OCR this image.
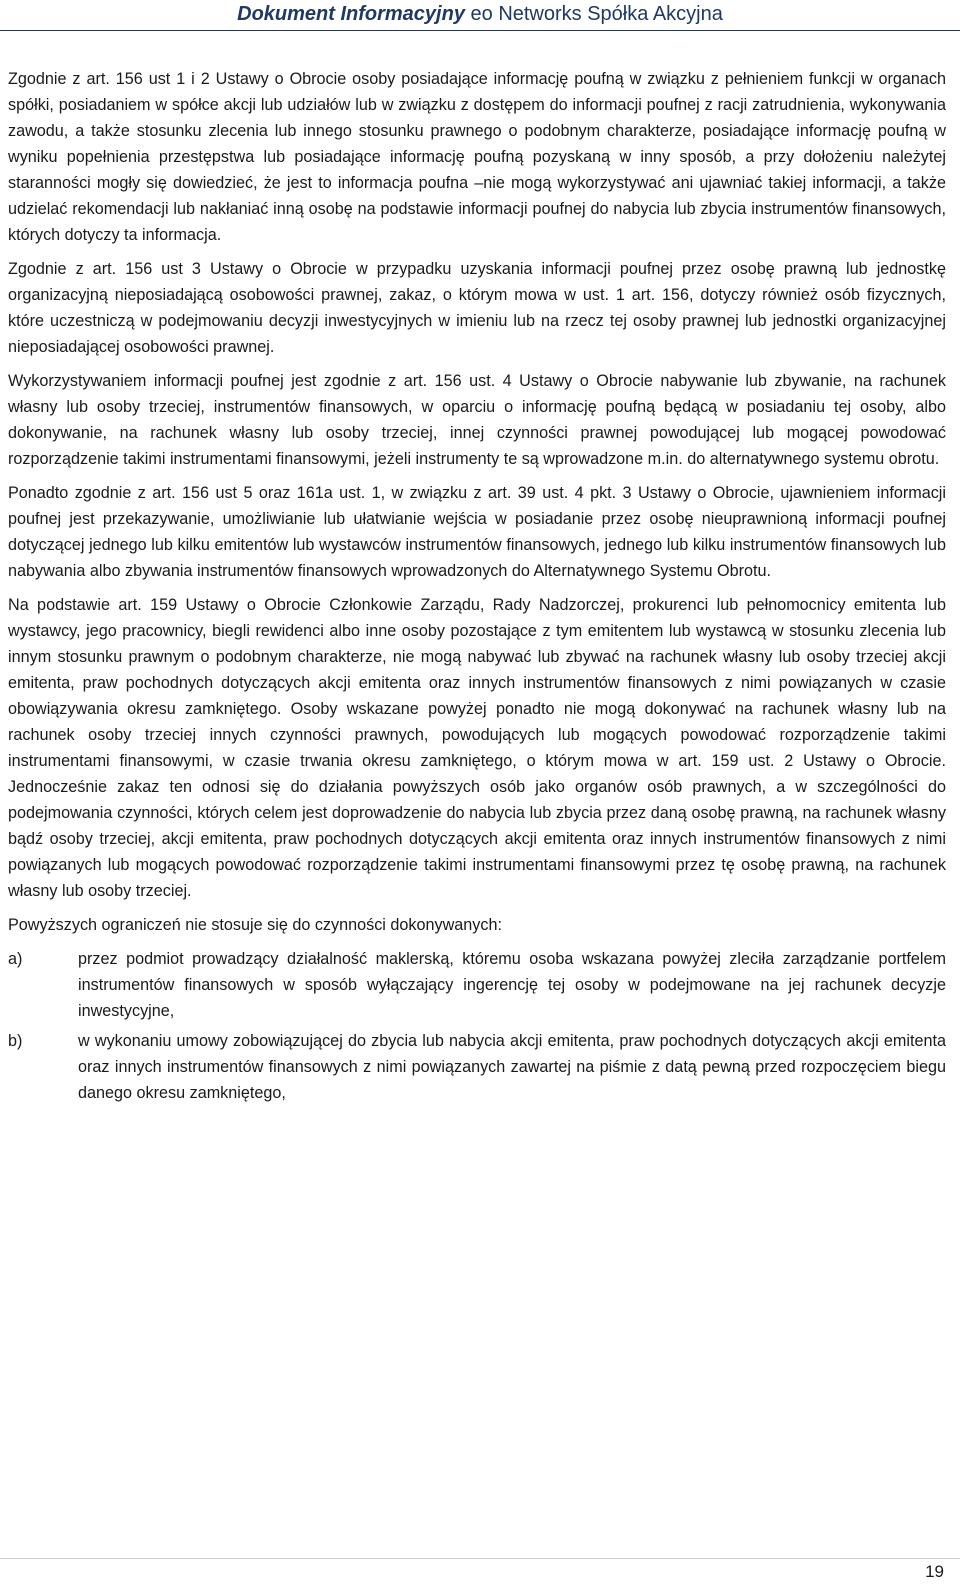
Dokument Informacyjny eo Networks Spółka Akcyjna

Zgodnie z art. 156 ust 1 i 2 Ustawy o Obrocie osoby posiadające informację poufną w związku z pełnieniem funkcji w organach spółki, posiadaniem w spółce akcji lub udziałów lub w związku z dostępem do informacji poufnej z racji zatrudnienia, wykonywania zawodu, a także stosunku zlecenia lub innego stosunku prawnego o podobnym charakterze, posiadające informację poufną w wyniku popełnienia przestępstwa lub posiadające informację poufną pozyskaną w inny sposób, a przy dołożeniu należytej staranności mogły się dowiedzieć, że jest to informacja poufna –nie mogą wykorzystywać ani ujawniać takiej informacji, a także udzielać rekomendacji lub nakłaniać inną osobę na podstawie informacji poufnej do nabycia lub zbycia instrumentów finansowych, których dotyczy ta informacja.

Zgodnie z art. 156 ust 3 Ustawy o Obrocie w przypadku uzyskania informacji poufnej przez osobę prawną lub jednostkę organizacyjną nieposiadającą osobowości prawnej, zakaz, o którym mowa w ust. 1 art. 156, dotyczy również osób fizycznych, które uczestniczą w podejmowaniu decyzji inwestycyjnych w imieniu lub na rzecz tej osoby prawnej lub jednostki organizacyjnej nieposiadającej osobowości prawnej.

Wykorzystywaniem informacji poufnej jest zgodnie z art. 156 ust. 4 Ustawy o Obrocie nabywanie lub zbywanie, na rachunek własny lub osoby trzeciej, instrumentów finansowych, w oparciu o informację poufną będącą w posiadaniu tej osoby, albo dokonywanie, na rachunek własny lub osoby trzeciej, innej czynności prawnej powodującej lub mogącej powodować rozporządzenie takimi instrumentami finansowymi, jeżeli instrumenty te są wprowadzone m.in. do alternatywnego systemu obrotu.

Ponadto zgodnie z art. 156 ust 5 oraz 161a ust. 1, w związku z art. 39 ust. 4 pkt. 3 Ustawy o Obrocie, ujawnieniem informacji poufnej jest przekazywanie, umożliwianie lub ułatwianie wejścia w posiadanie przez osobę nieuprawnioną informacji poufnej dotyczącej jednego lub kilku emitentów lub wystawców instrumentów finansowych, jednego lub kilku instrumentów finansowych lub nabywania albo zbywania instrumentów finansowych wprowadzonych do Alternatywnego Systemu Obrotu.

Na podstawie art. 159 Ustawy o Obrocie Członkowie Zarządu, Rady Nadzorczej, prokurenci lub pełnomocnicy emitenta lub wystawcy, jego pracownicy, biegli rewidenci albo inne osoby pozostające z tym emitentem lub wystawcą w stosunku zlecenia lub innym stosunku prawnym o podobnym charakterze, nie mogą nabywać lub zbywać na rachunek własny lub osoby trzeciej akcji emitenta, praw pochodnych dotyczących akcji emitenta oraz innych instrumentów finansowych z nimi powiązanych w czasie obowiązywania okresu zamkniętego. Osoby wskazane powyżej ponadto nie mogą dokonywać na rachunek własny lub na rachunek osoby trzeciej innych czynności prawnych, powodujących lub mogących powodować rozporządzenie takimi instrumentami finansowymi, w czasie trwania okresu zamkniętego, o którym mowa w art. 159 ust. 2 Ustawy o Obrocie. Jednocześnie zakaz ten odnosi się do działania powyższych osób jako organów osób prawnych, a w szczególności do podejmowania czynności, których celem jest doprowadzenie do nabycia lub zbycia przez daną osobę prawną, na rachunek własny bądź osoby trzeciej, akcji emitenta, praw pochodnych dotyczących akcji emitenta oraz innych instrumentów finansowych z nimi powiązanych lub mogących powodować rozporządzenie takimi instrumentami finansowymi przez tę osobę prawną, na rachunek własny lub osoby trzeciej.

Powyższych ograniczeń nie stosuje się do czynności dokonywanych:

a)	przez podmiot prowadzący działalność maklerską, któremu osoba wskazana powyżej zleciła zarządzanie portfelem instrumentów finansowych w sposób wyłączający ingerencję tej osoby w podejmowane na jej rachunek decyzje inwestycyjne,
b)	w wykonaniu umowy zobowiązującej do zbycia lub nabycia akcji emitenta, praw pochodnych dotyczących akcji emitenta oraz innych instrumentów finansowych z nimi powiązanych zawartej na piśmie z datą pewną przed rozpoczęciem biegu danego okresu zamkniętego,
19
